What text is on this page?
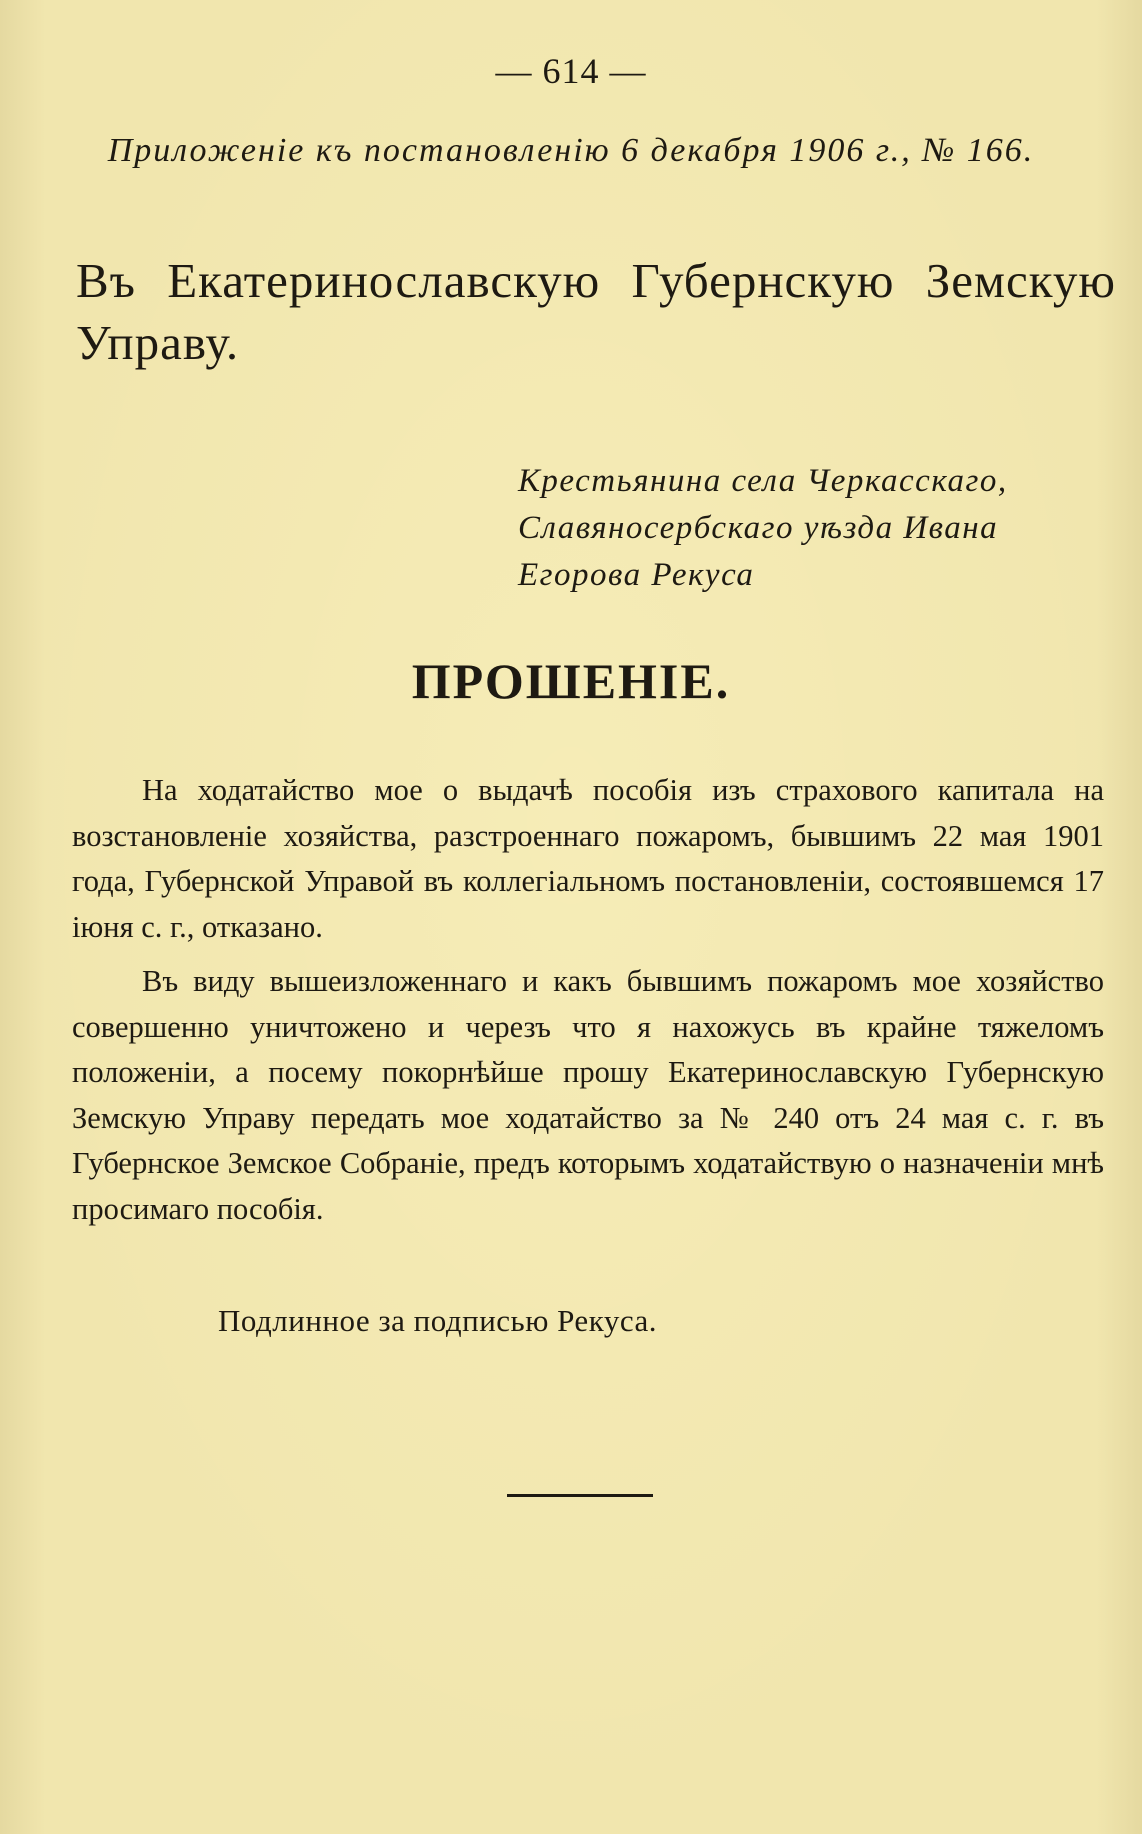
— 614 —
Приложеніе къ постановленію 6 декабря 1906 г., № 166.
Въ Екатеринославскую Губернскую Земскую Управу.
Крестьянина села Черкасскаго, Славяносербскаго уѣзда Ивана Егорова Рекуса
ПРОШЕНІЕ.

На ходатайство мое о выдачѣ пособія изъ страхового капитала на возстановленіе хозяйства, разстроеннаго пожаромъ, бывшимъ 22 мая 1901 года, Губернской Управой въ коллегіальномъ постановленіи, состоявшемся 17 іюня с. г., отказано.

Въ виду вышеизложеннаго и какъ бывшимъ пожаромъ мое хозяйство совершенно уничтожено и черезъ что я нахожусь въ крайне тяжеломъ положеніи, а посему покорнѣйше прошу Екатеринославскую Губернскую Земскую Управу передать мое ходатайство за № 240 отъ 24 мая с. г. въ Губернское Земское Собраніе, предъ которымъ ходатайствую о назначеніи мнѣ просимаго пособія.

Подлинное за подписью Рекуса.
